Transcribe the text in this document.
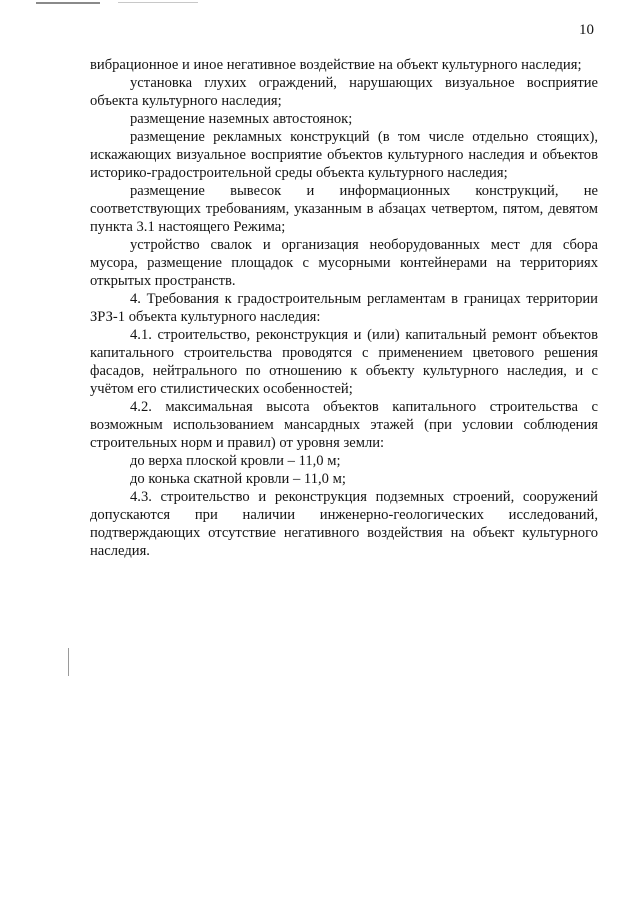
10

вибрационное и иное негативное воздействие на объект культурного наследия;

установка глухих ограждений, нарушающих визуальное восприятие объекта культурного наследия;

размещение наземных автостоянок;

размещение рекламных конструкций (в том числе отдельно стоящих), искажающих визуальное восприятие объектов культурного наследия и объектов историко-градостроительной среды объекта культурного наследия;

размещение вывесок и информационных конструкций, не соответствующих требованиям, указанным в абзацах четвертом, пятом, девятом пункта 3.1 настоящего Режима;

устройство свалок и организация необорудованных мест для сбора мусора, размещение площадок с мусорными контейнерами на территориях открытых пространств.

4. Требования к градостроительным регламентам в границах территории ЗРЗ-1 объекта культурного наследия:

4.1. строительство, реконструкция и (или) капитальный ремонт объектов капитального строительства проводятся с применением цветового решения фасадов, нейтрального по отношению к объекту культурного наследия, и с учётом его стилистических особенностей;

4.2. максимальная высота объектов капитального строительства с возможным использованием мансардных этажей (при условии соблюдения строительных норм и правил) от уровня земли:

до верха плоской кровли – 11,0 м;

до конька скатной кровли – 11,0 м;

4.3. строительство и реконструкция подземных строений, сооружений допускаются при наличии инженерно-геологических исследований, подтверждающих отсутствие негативного воздействия на объект культурного наследия.
